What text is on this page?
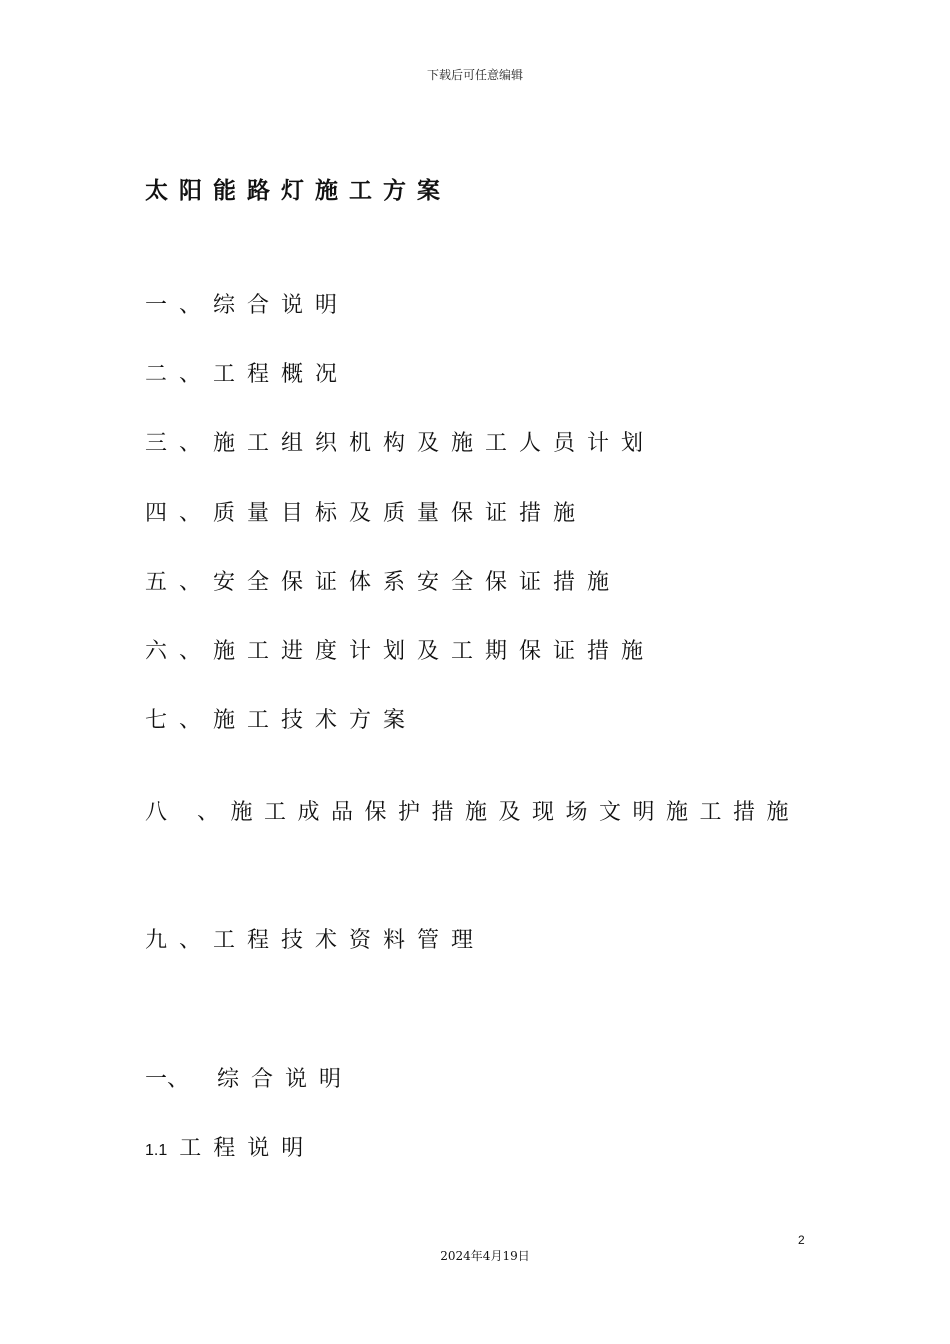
下载后可任意编辑
太阳能路灯施工方案
一、综合说明
二、工程概况
三、施工组织机构及施工人员计划
四、质量目标及质量保证措施
五、安全保证体系安全保证措施
六、施工进度计划及工期保证措施
七、施工技术方案
八 、施工成品保护措施及现场文明施工措施
九、工程技术资料管理
一、 综合说明
1.1 工程说明
2
2024年4月19日
